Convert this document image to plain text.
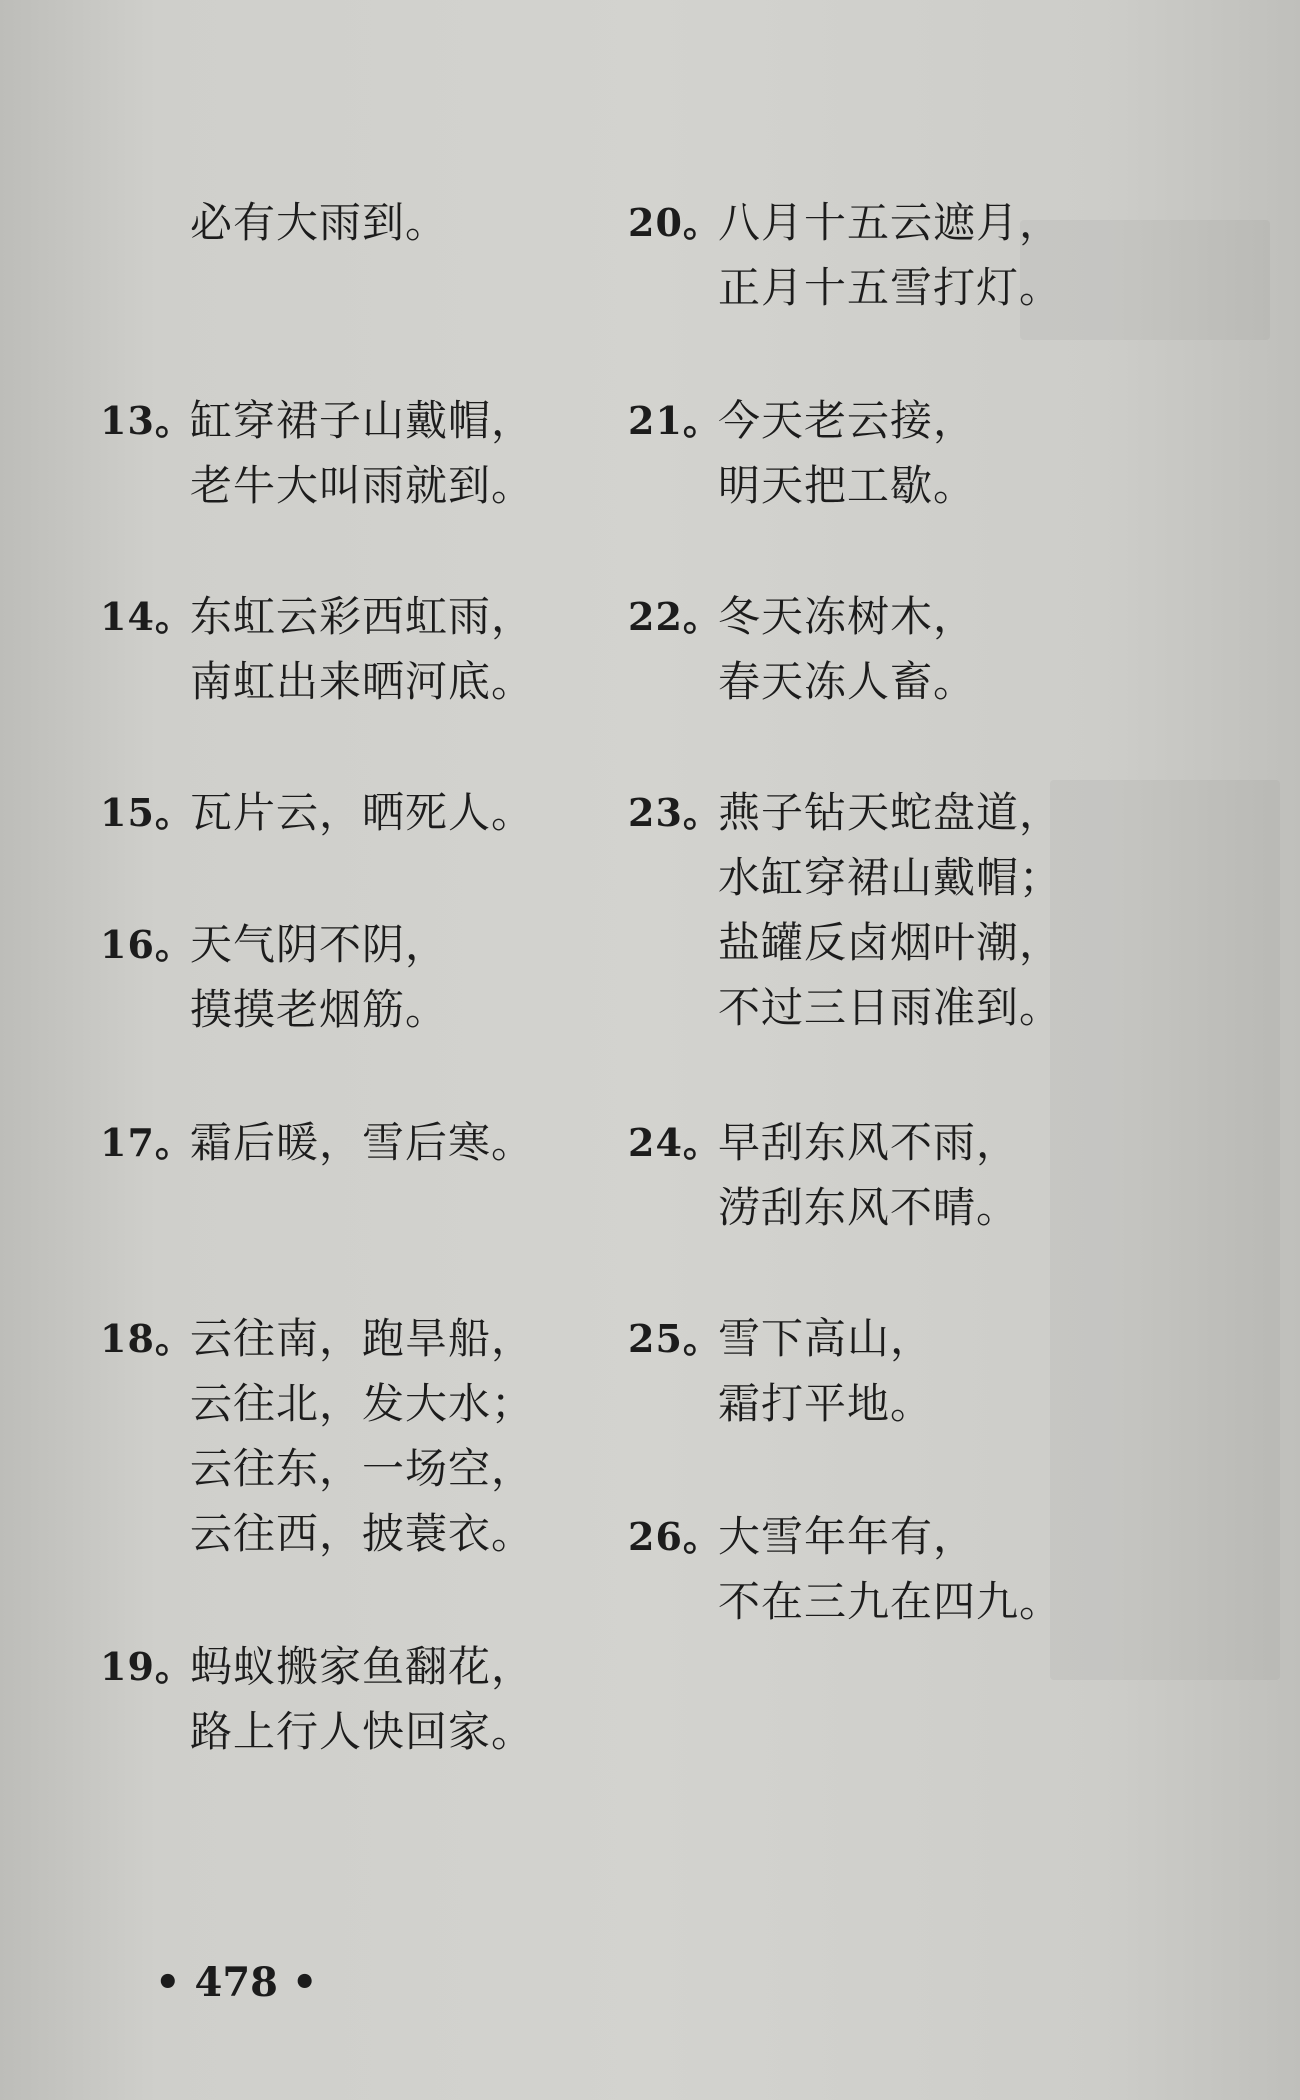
必有大雨到。
13。
缸穿裙子山戴帽，
老牛大叫雨就到。
14。
东虹云彩西虹雨，
南虹出来晒河底。
15。
瓦片云，晒死人。
16。
天气阴不阴，
摸摸老烟筋。
17。
霜后暖，雪后寒。
18。
云往南，跑旱船，
云往北，发大水；
云往东，一场空，
云往西，披蓑衣。
19。
蚂蚁搬家鱼翻花，
路上行人快回家。
20。
八月十五云遮月，
正月十五雪打灯。
21。
今天老云接，
明天把工歇。
22。
冬天冻树木，
春天冻人畜。
23。
燕子钻天蛇盘道，
水缸穿裙山戴帽；
盐罐反卤烟叶潮，
不过三日雨准到。
24。
早刮东风不雨，
涝刮东风不晴。
25。
雪下高山，
霜打平地。
26。
大雪年年有，
不在三九在四九。
• 478 •
